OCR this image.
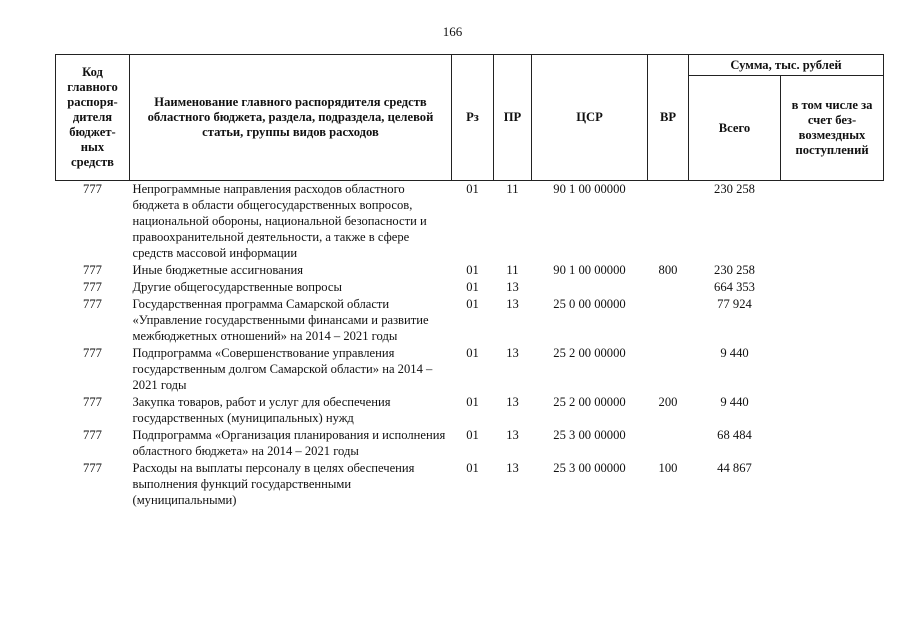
166
Код главного распоря-дителя бюджет-ных средств	Наименование главного распорядителя средств областного бюджета, раздела, подраздела, целевой статьи, группы видов расходов	Рз	ПР	ЦСР	ВР	Сумма, тыс. рублей	
						Всего	в том числе за счет без-возмездных поступлений
777	Непрограммные направления расходов областного бюджета в области общегосударственных вопросов, национальной обороны, национальной безопасности и правоохранительной деятельности, а также в сфере средств массовой информации	01	11	90 1 00 00000		230 258	
777	Иные бюджетные ассигнования	01	11	90 1 00 00000	800	230 258	
777	Другие общегосударственные вопросы	01	13			664 353	
777	Государственная программа Самарской области «Управление государственными финансами и развитие межбюджетных отношений» на 2014 – 2021 годы	01	13	25 0 00 00000		77 924	
777	Подпрограмма «Совершенствование управления государственным долгом Самарской области» на 2014 – 2021 годы	01	13	25 2 00 00000		9 440	
777	Закупка товаров, работ и услуг для обеспечения государственных (муниципальных) нужд	01	13	25 2 00 00000	200	9 440	
777	Подпрограмма «Организация планирования и исполнения областного бюджета» на 2014 – 2021 годы	01	13	25 3 00 00000		68 484	
777	Расходы на выплаты персоналу в целях обеспечения выполнения функций государственными (муниципальными)	01	13	25 3 00 00000	100	44 867	
